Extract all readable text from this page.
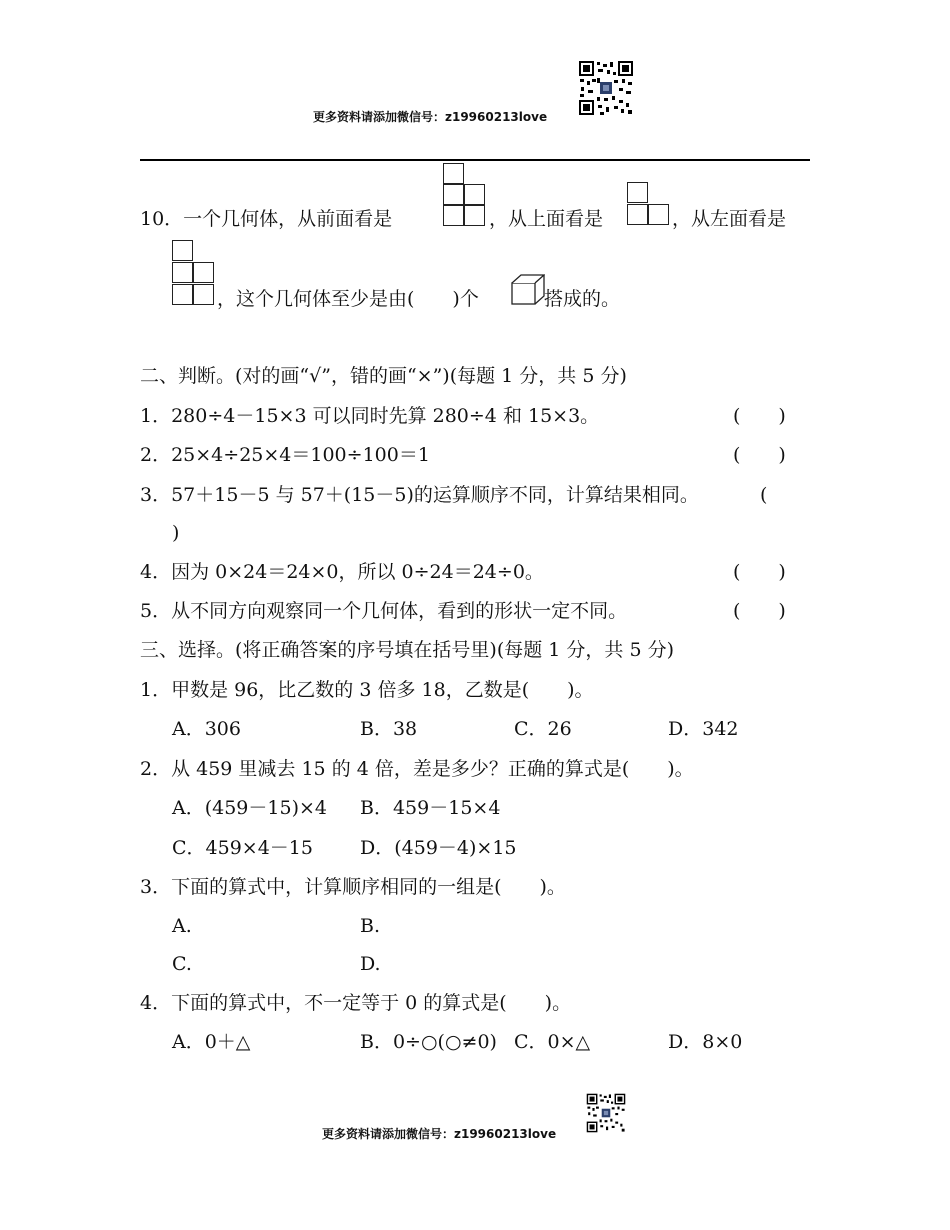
更多资料请添加微信号：z19960213love
10．一个几何体，从前面看是	，从上面看是	，从左面看是
，这个几何体至少是由(　　)个	搭成的。
二、判断。(对的画“√”，错的画“×”)(每题 1 分，共 5 分)
1．280÷4－15×3 可以同时先算 280÷4 和 15×3。	(　　)
2．25×4÷25×4＝100÷100＝1	(　　)
3．57＋15－5 与 57＋(15－5)的运算顺序不同，计算结果相同。	(
)
4．因为 0×24＝24×0，所以 0÷24＝24÷0。	(　　)
5．从不同方向观察同一个几何体，看到的形状一定不同。	(　　)
三、选择。(将正确答案的序号填在括号里)(每题 1 分，共 5 分)
1．甲数是 96，比乙数的 3 倍多 18，乙数是(　　)。
A．306	B．38	C．26	D．342
2．从 459 里减去 15 的 4 倍，差是多少？正确的算式是(　　)。
A．(459－15)×4 B．459－15×4
C．459×4－15 D．(459－4)×15
3．下面的算式中，计算顺序相同的一组是(　　)。
A.	B.
C.	D.
4．下面的算式中，不一定等于 0 的算式是(　　)。
A．0＋△	B．0÷○(○≠0) C．0×△	D．8×0
更多资料请添加微信号：z19960213love
